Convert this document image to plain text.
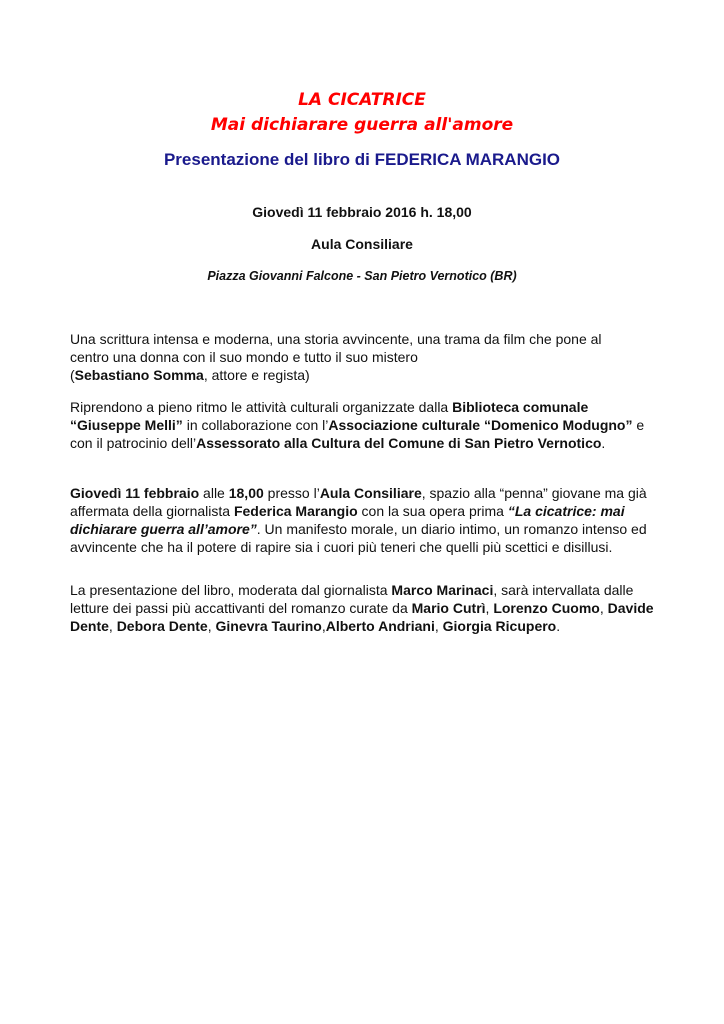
LA CICATRICE
Mai dichiarare guerra all'amore
Presentazione del libro di FEDERICA MARANGIO
Giovedì 11 febbraio 2016 h. 18,00
Aula Consiliare
Piazza Giovanni Falcone - San Pietro Vernotico (BR)

Una scrittura intensa e moderna, una storia avvincente, una trama da film che pone al
centro una donna con il suo mondo e tutto il suo mistero
(Sebastiano Somma, attore e regista)

Riprendono a pieno ritmo le attività culturali organizzate dalla Biblioteca comunale “Giuseppe Melli” in collaborazione con l’Associazione culturale “Domenico Modugno” e con il patrocinio dell’Assessorato alla Cultura del Comune di San Pietro Vernotico.

Giovedì 11 febbraio alle 18,00 presso l’Aula Consiliare, spazio alla “penna” giovane ma già affermata della giornalista Federica Marangio con la sua opera prima “La cicatrice: mai dichiarare guerra all’amore”. Un manifesto morale, un diario intimo, un romanzo intenso ed avvincente che ha il potere di rapire sia i cuori più teneri che quelli più scettici e disillusi.

La presentazione del libro, moderata dal giornalista Marco Marinaci, sarà intervallata dalle letture dei passi più accattivanti del romanzo curate da Mario Cutrì, Lorenzo Cuomo, Davide Dente, Debora Dente, Ginevra Taurino,Alberto Andriani, Giorgia Ricupero.
